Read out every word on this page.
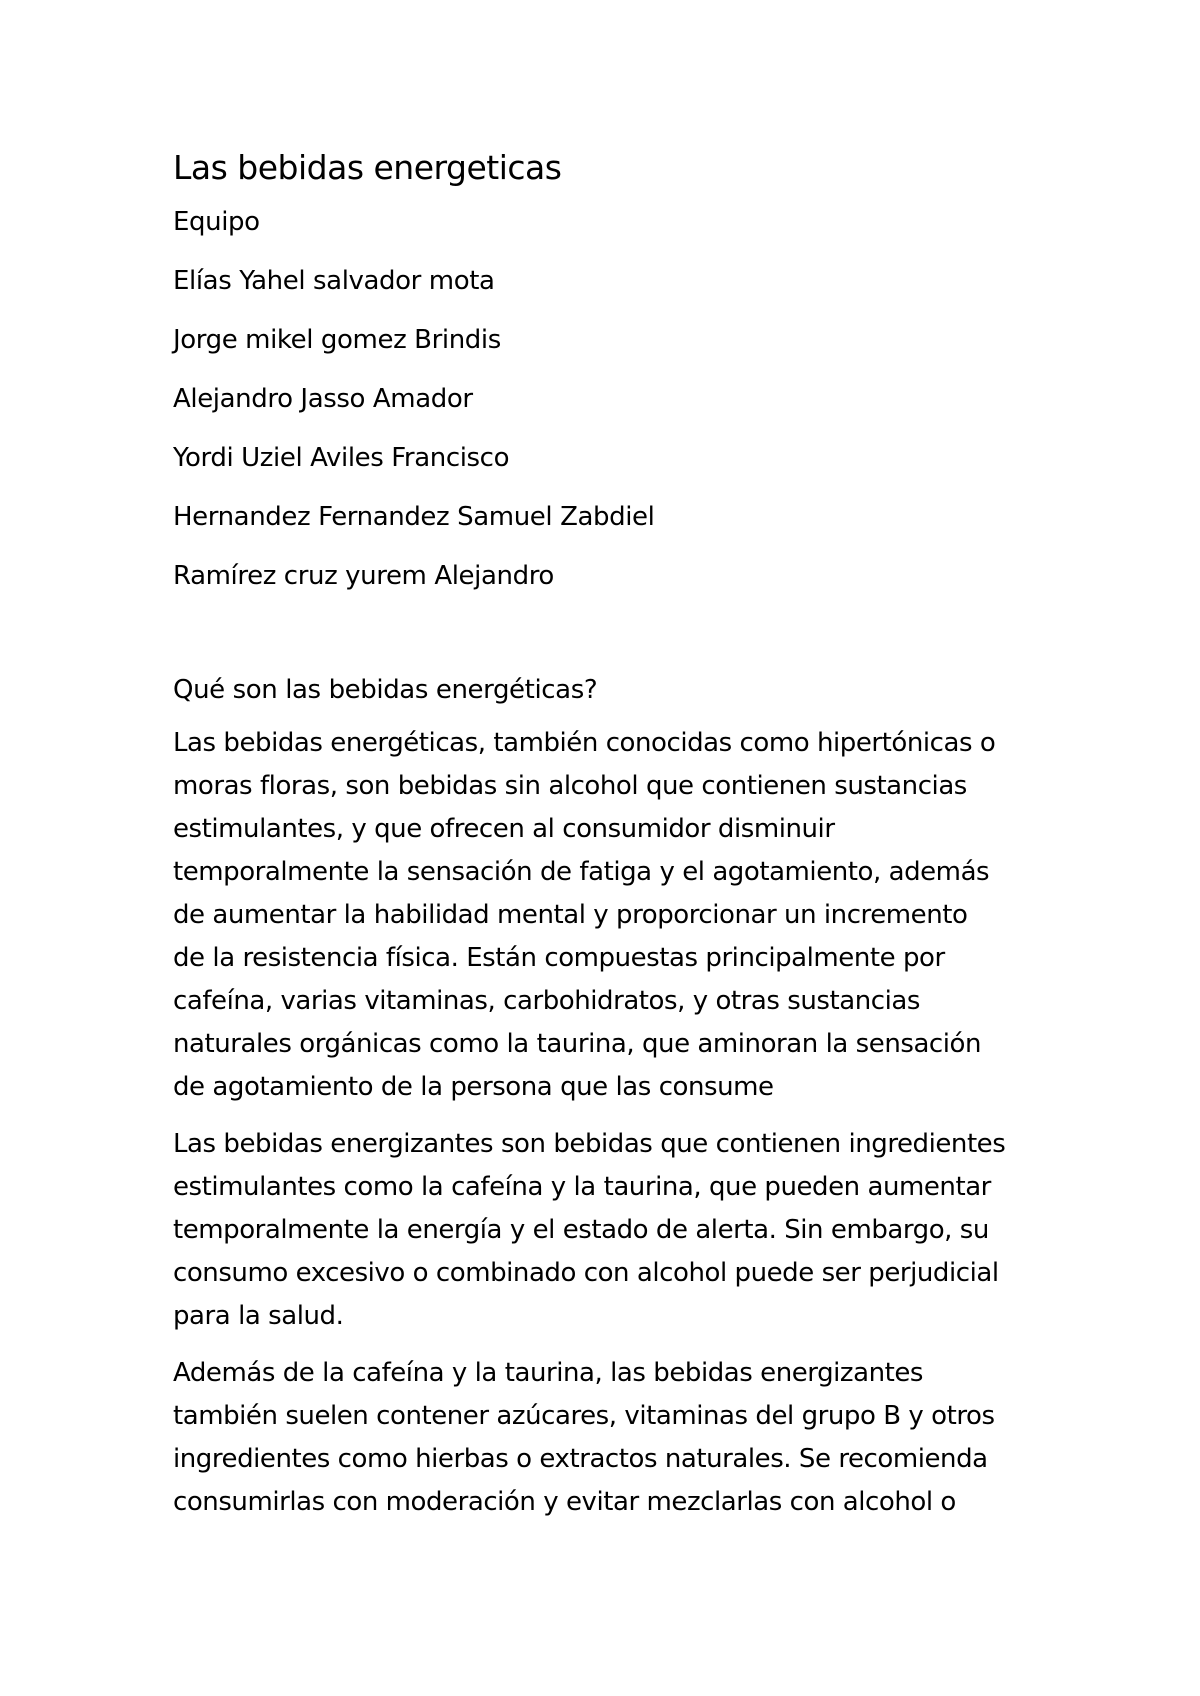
Las bebidas energeticas
Equipo
Elías Yahel salvador mota
Jorge mikel gomez Brindis
Alejandro Jasso Amador
Yordi Uziel Aviles Francisco
Hernandez Fernandez Samuel Zabdiel
Ramírez cruz yurem Alejandro
Qué son las bebidas energéticas?
Las bebidas energéticas, también conocidas como hipertónicas o
moras floras, son bebidas sin alcohol que contienen sustancias
estimulantes, y que ofrecen al consumidor disminuir
temporalmente la sensación de fatiga y el agotamiento, además
de aumentar la habilidad mental y proporcionar un incremento
de la resistencia física. Están compuestas principalmente por
cafeína, varias vitaminas, carbohidratos, y otras sustancias
naturales orgánicas como la taurina, que aminoran la sensación
de agotamiento de la persona que las consume
Las bebidas energizantes son bebidas que contienen ingredientes
estimulantes como la cafeína y la taurina, que pueden aumentar
temporalmente la energía y el estado de alerta. Sin embargo, su
consumo excesivo o combinado con alcohol puede ser perjudicial
para la salud.
Además de la cafeína y la taurina, las bebidas energizantes
también suelen contener azúcares, vitaminas del grupo B y otros
ingredientes como hierbas o extractos naturales. Se recomienda
consumirlas con moderación y evitar mezclarlas con alcohol o
